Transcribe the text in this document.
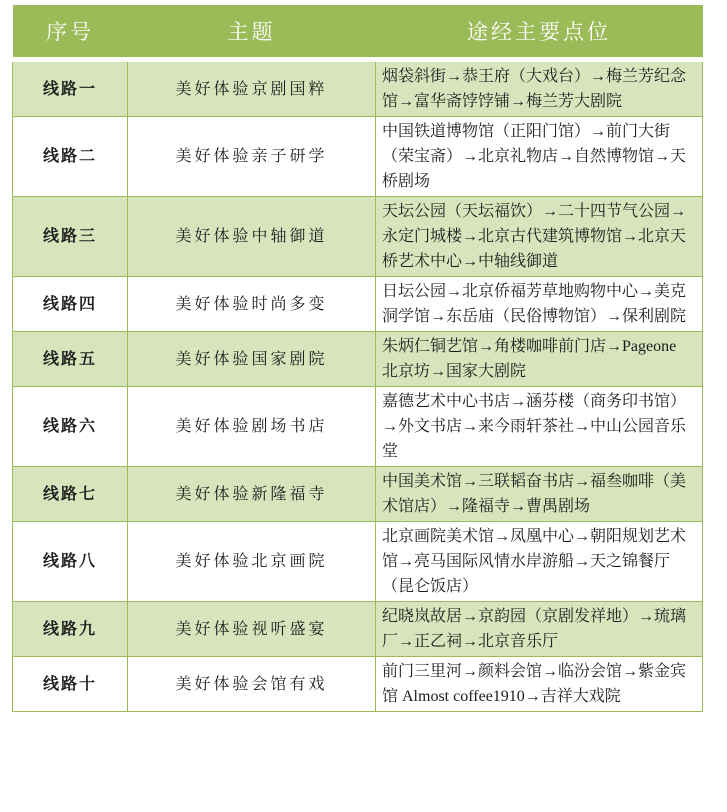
序号	主题	途经主要点位
线路一	美好体验京剧国粹	烟袋斜街→恭王府（大戏台）→梅兰芳纪念馆→富华斋饽饽铺→梅兰芳大剧院
线路二	美好体验亲子研学	中国铁道博物馆（正阳门馆）→前门大街（荣宝斋）→北京礼物店→自然博物馆→天桥剧场
线路三	美好体验中轴御道	天坛公园（天坛福饮）→二十四节气公园→永定门城楼→北京古代建筑博物馆→北京天桥艺术中心→中轴线御道
线路四	美好体验时尚多变	日坛公园→北京侨福芳草地购物中心→美克洞学馆→东岳庙（民俗博物馆）→保利剧院
线路五	美好体验国家剧院	朱炳仁铜艺馆→角楼咖啡前门店→Pageone 北京坊→国家大剧院
线路六	美好体验剧场书店	嘉德艺术中心书店→涵芬楼（商务印书馆）→外文书店→来今雨轩茶社→中山公园音乐堂
线路七	美好体验新隆福寺	中国美术馆→三联韬奋书店→福叁咖啡（美术馆店）→隆福寺→曹禺剧场
线路八	美好体验北京画院	北京画院美术馆→凤凰中心→朝阳规划艺术馆→亮马国际风情水岸游船→天之锦餐厅（昆仑饭店）
线路九	美好体验视听盛宴	纪晓岚故居→京韵园（京剧发祥地）→琉璃厂→正乙祠→北京音乐厅
线路十	美好体验会馆有戏	前门三里河→颜料会馆→临汾会馆→紫金宾馆 Almost coffee1910→吉祥大戏院
